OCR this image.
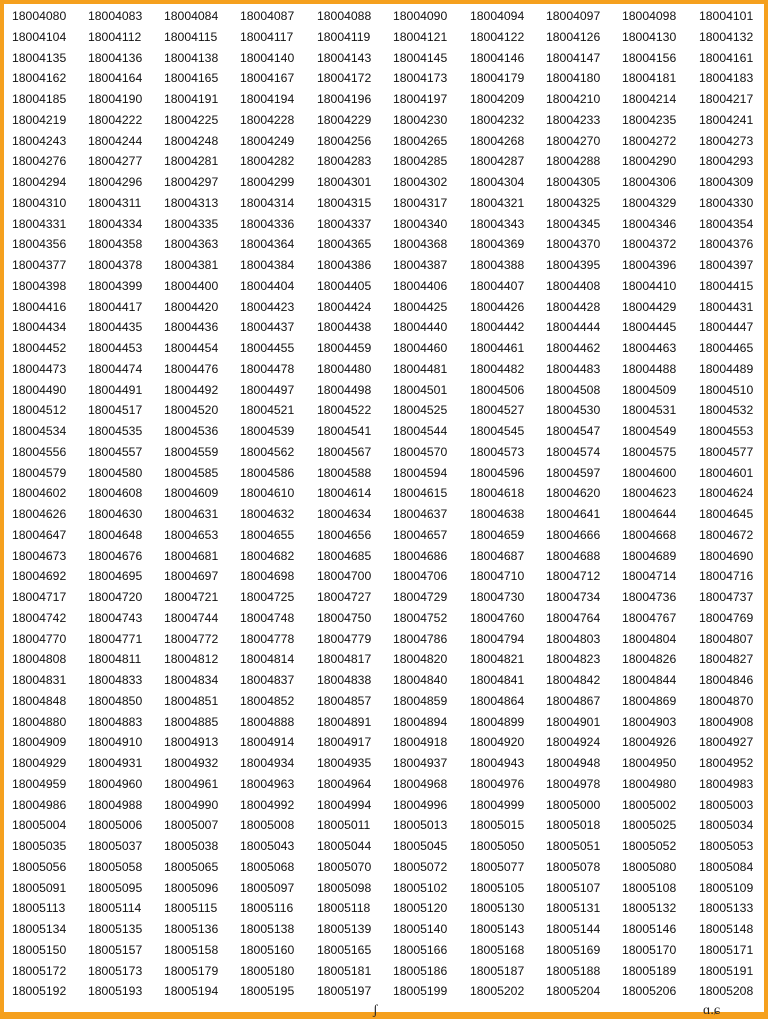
18004080 18004083 18004084 18004087 18004088 18004090 18004094 18004097 18004098 18004101
18004104 18004112 18004115 18004117 18004119 18004121 18004122 18004126 18004130 18004132
18004135 18004136 18004138 18004140 18004143 18004145 18004146 18004147 18004156 18004161
18004162 18004164 18004165 18004167 18004172 18004173 18004179 18004180 18004181 18004183
18004185 18004190 18004191 18004194 18004196 18004197 18004209 18004210 18004214 18004217
18004219 18004222 18004225 18004228 18004229 18004230 18004232 18004233 18004235 18004241
18004243 18004244 18004248 18004249 18004256 18004265 18004268 18004270 18004272 18004273
18004276 18004277 18004281 18004282 18004283 18004285 18004287 18004288 18004290 18004293
18004294 18004296 18004297 18004299 18004301 18004302 18004304 18004305 18004306 18004309
18004310 18004311 18004313 18004314 18004315 18004317 18004321 18004325 18004329 18004330
18004331 18004334 18004335 18004336 18004337 18004340 18004343 18004345 18004346 18004354
18004356 18004358 18004363 18004364 18004365 18004368 18004369 18004370 18004372 18004376
18004377 18004378 18004381 18004384 18004386 18004387 18004388 18004395 18004396 18004397
18004398 18004399 18004400 18004404 18004405 18004406 18004407 18004408 18004410 18004415
18004416 18004417 18004420 18004423 18004424 18004425 18004426 18004428 18004429 18004431
18004434 18004435 18004436 18004437 18004438 18004440 18004442 18004444 18004445 18004447
18004452 18004453 18004454 18004455 18004459 18004460 18004461 18004462 18004463 18004465
18004473 18004474 18004476 18004478 18004480 18004481 18004482 18004483 18004488 18004489
18004490 18004491 18004492 18004497 18004498 18004501 18004506 18004508 18004509 18004510
18004512 18004517 18004520 18004521 18004522 18004525 18004527 18004530 18004531 18004532
18004534 18004535 18004536 18004539 18004541 18004544 18004545 18004547 18004549 18004553
18004556 18004557 18004559 18004562 18004567 18004570 18004573 18004574 18004575 18004577
18004579 18004580 18004585 18004586 18004588 18004594 18004596 18004597 18004600 18004601
18004602 18004608 18004609 18004610 18004614 18004615 18004618 18004620 18004623 18004624
18004626 18004630 18004631 18004632 18004634 18004637 18004638 18004641 18004644 18004645
18004647 18004648 18004653 18004655 18004656 18004657 18004659 18004666 18004668 18004672
18004673 18004676 18004681 18004682 18004685 18004686 18004687 18004688 18004689 18004690
18004692 18004695 18004697 18004698 18004700 18004706 18004710 18004712 18004714 18004716
18004717 18004720 18004721 18004725 18004727 18004729 18004730 18004734 18004736 18004737
18004742 18004743 18004744 18004748 18004750 18004752 18004760 18004764 18004767 18004769
18004770 18004771 18004772 18004778 18004779 18004786 18004794 18004803 18004804 18004807
18004808 18004811 18004812 18004814 18004817 18004820 18004821 18004823 18004826 18004827
18004831 18004833 18004834 18004837 18004838 18004840 18004841 18004842 18004844 18004846
18004848 18004850 18004851 18004852 18004857 18004859 18004864 18004867 18004869 18004870
18004880 18004883 18004885 18004888 18004891 18004894 18004899 18004901 18004903 18004908
18004909 18004910 18004913 18004914 18004917 18004918 18004920 18004924 18004926 18004927
18004929 18004931 18004932 18004934 18004935 18004937 18004943 18004948 18004950 18004952
18004959 18004960 18004961 18004963 18004964 18004968 18004976 18004978 18004980 18004983
18004986 18004988 18004990 18004992 18004994 18004996 18004999 18005000 18005002 18005003
18005004 18005006 18005007 18005008 18005011 18005013 18005015 18005018 18005025 18005034
18005035 18005037 18005038 18005043 18005044 18005045 18005050 18005051 18005052 18005053
18005056 18005058 18005065 18005068 18005070 18005072 18005077 18005078 18005080 18005084
18005091 18005095 18005096 18005097 18005098 18005102 18005105 18005107 18005108 18005109
18005113 18005114 18005115 18005116 18005118 18005120 18005130 18005131 18005132 18005133
18005134 18005135 18005136 18005138 18005139 18005140 18005143 18005144 18005146 18005148
18005150 18005157 18005158 18005160 18005165 18005166 18005168 18005169 18005170 18005171
18005172 18005173 18005179 18005180 18005181 18005186 18005187 18005188 18005189 18005191
18005192 18005193 18005194 18005195 18005197 18005199 18005202 18005204 18005206 18005208
ʃ	ɑ.ɕ
